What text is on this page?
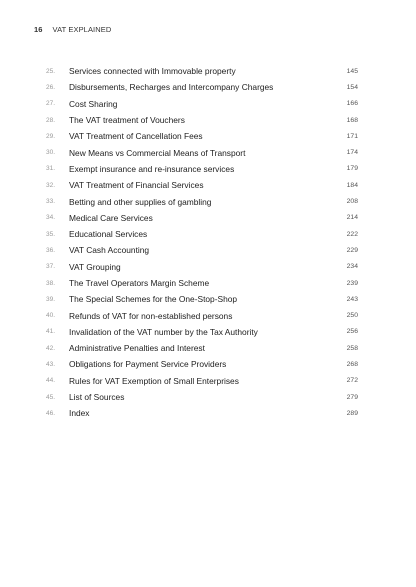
16 VAT EXPLAINED
25.	Services connected with Immovable property	145
26.	Disbursements, Recharges and Intercompany Charges	154
27.	Cost Sharing	166
28.	The VAT treatment of Vouchers	168
29.	VAT Treatment of Cancellation Fees	171
30.	New Means vs Commercial Means of Transport	174
31.	Exempt insurance and re-insurance services	179
32.	VAT Treatment of Financial Services	184
33.	Betting and other supplies of gambling	208
34.	Medical Care Services	214
35.	Educational Services	222
36.	VAT Cash Accounting	229
37.	VAT Grouping	234
38.	The Travel Operators Margin Scheme	239
39.	The Special Schemes for the One-Stop-Shop	243
40.	Refunds of VAT for non-established persons	250
41.	Invalidation of the VAT number by the Tax Authority	256
42.	Administrative Penalties and Interest	258
43.	Obligations for Payment Service Providers	268
44.	Rules for VAT Exemption of Small Enterprises	272
45.	List of Sources	279
46.	Index	289
